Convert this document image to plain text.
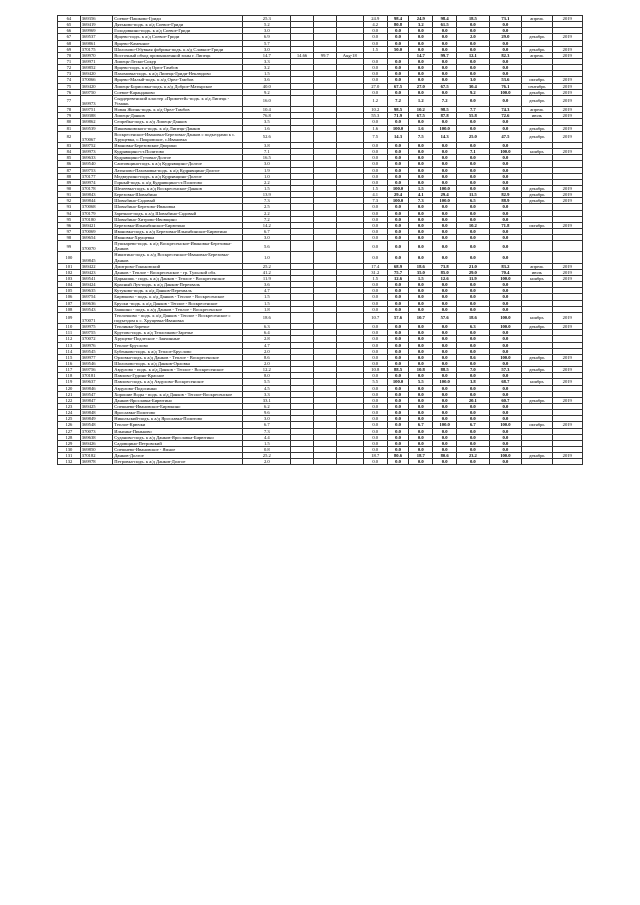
64	369356	Соевое-Пашково-Гриди	25.3				24.9	98.4	24.9	98.4	18.5	73.1	апрель	2019
65	369419	Дятьково-подъ. к а/д Соевое-Гриди	5.2				4.2	80.8	3.2	61.5	0.0	0.0		
66	369969	Голодовкино-подъ. к а/д Соевое-Гриди	3.0				0.0	0.0	0.0	0.0	0.0	0.0		
67	369537	Ярцево-подъ. к а/д Соевое-Гриди	6.9				0.0	0.0	0.0	0.0	2.0	29.0	декабрь	2019
68	369861	Ярцево-Каменное	5.7				0.0	0.0	0.0	0.0	0.0	0.0		
69	370175	Шолохово-Обувная фабрика-подъ. к а/д Славное-Гриди	3.0				1.5	50.0	0.0	0.0	0.0	0.0	декабрь	2019
70	369970	Восточный обход промышленной зоны г. Липецк	14.7	14.66	99.7	Aug-18			14.7	99.7	12.1	82.3	апрель	2019
71	369971	Липецк-Лески-Сокур	3.3				0.0	0.0	0.0	0.0	0.0	0.0		
72	369852	Ярцево-подъ. к а/д Орел-Тамбов	3.2				0.0	0.0	0.0	0.0	0.0	0.0		
73	369420	Пахомовка-подъ. к а/д Липецк-Гриди-Неклюдово	1.5				0.0	0.0	0.0	0.0	0.0	0.0		
74	370066	Ярцево-Малый-подъ. к а/д Орел-Тамбов	3.6				0.0	0.0	0.0	0.0	3.0	53.6	октябрь	2019
75	369420	Липецк-Борисовка-подъ. к а/д Доброе-Матырское	40.0				27.0	67.5	27.0	67.5	30.4	76.1	сентябрь	2019
76	369750	Соевое-Карандаково	9.2				0.0	0.0	0.0	0.0	9.2	100.0	декабрь	2019
77	369973	Сырдеревенский кластер «Прометей»-подъ. к а/д Липецк - Усмань	16.0				1.2	7.2	1.2	7.2	0.0	0.0	декабрь	2019
78	369751	Новая Жизнь-подъ. к а/д Орел-Тамбов	10.4				10.2	98.5	10.2	98.5	7.7	74.3	апрель	2019
79	369388	Липецк-Данков	76.8				55.3	71.9	67.5	87.8	55.8	72.6	июль	2019
80	369862	Сепрейка-подъ. к а/д Липецк-Данков	3.5				0.0	0.0	0.0	0.0	0.0	0.0		
81	369539	Пиковиновского-подъ. к а/д Липецк-Данков	1.6				1.6	100.0	1.6	100.0	0.0	0.0	декабрь	2019
82	370067	Воскресенское-Ивановка-Березовка-Данков с подъездами к с. Хрущевка, с.Покровское, с.Ивановка	52.6				7.5	14.3	7.5	14.3	25.0	47.5	декабрь	2019
83	369752	Ивановка-Березовские Дворики	3.8				0.0	0.0	0.0	0.0	0.0	0.0		
84	369973	Кудрявщино-ст.Политово	7.1				0.0	0.0	0.0	0.0	7.1	100.0	ноябрь	2019
85	369633	Кудрявщино-Гутовка-Долгое	16.5				0.0	0.0	0.0	0.0	0.0	0.0		
86	369540	Саитовщина-подъ. к а/д Кудрявщино-Долгое	3.0				0.0	0.0	0.0	0.0	0.0	0.0		
87	369753	Латыпово-Пахомовка-подъ. к а/д Кудрявщино-Долгое	1.9				0.0	0.0	0.0	0.0	0.0	0.0		
88	370177	Медведчино-подъ. к а/д Кудрявщино-Долгое	1.0				0.0	0.0	0.0	0.0	0.0	0.0		
89	369974	Горный-подъ. к а/д Кудрявщино-ст.Политово	2.2				0.0	0.0	0.0	0.0	0.0	0.0		
90	370178	Шелеевка-подъ. к а/д Воскресенское-Данков	1.5				1.5	100.0	1.5	100.0	0.0	0.0	декабрь	2019
91	369843	Березовка-Шовыбино	13.9				4.1	29.4	4.1	29.4	11.5	82.9	декабрь	2019
92	369844	Шовыбино-Садовый	7.3				7.3	100.0	7.3	100.0	6.5	88.9	декабрь	2019
93	370068	Шовыбино-Березово-Ивановка	2.5				0.0	0.0	0.0	0.0	0.0	0.0		
94	370179	Заречное-подъ. к а/д Шовыбино-Садовый	2.2				0.0	0.0	0.0	0.0	0.0	0.0		
95	370180	Шовыбино-Хитрово-Ивовщино	7.2				0.0	0.0	0.0	0.0	0.0	0.0		
96	369421	Березовка-Ильинбинское-Бирютино	14.2				0.0	0.0	0.0	0.0	10.2	71.8	октябрь	2019
97	370069	Ивановка-подъ. к а/д Березовка-Ильинбинское-Бирютино	6.7				0.0	0.0	0.0	0.0	0.0	0.0		
98	369654	Ивановка-Хрущевка	3.0				0.0	0.0	0.0	0.0	0.0	0.0		
99	370070	Пушкарево-подъ. к а/д Воскресенское-Ивановка-Березовка-Данков	5.6				0.0	0.0	0.0	0.0	0.0	0.0		
100	369845	Никитино-подъ. к а/д Воскресенское-Ивановка-Березовка-Данков	1.0				0.0	0.0	0.0	0.0	0.0	0.0		
101	369422	Дмитрово-Гоньковский	25.2				17.4	68.9	18.6	73.8	21.0	83.2	апрель	2019
102	369423	Данков - Теплое - Воскресенское - гр. Тульской обл.	41.2				31.2	75.7	35.0	85.0	29.0	70.4	июль	2019
103	369541	Царькишь - подъ. к а/д Данков - Теплое - Воскресенское	11.9				1.5	12.6	1.5	12.6	11.9	100.0	ноябрь	2019
104	369424	Красный Луч-подъ. к а/д Данков-Перехваль	3.6				0.0	0.0	0.0	0.0	0.0	0.0		
105	369635	Кутуково-подъ. к а/д Данков-Перехваль	4.7				0.0	0.0	0.0	0.0	0.0	0.0		
106	369754	Бирюково - подъ. к а/д Данков - Теплое - Воскресенское	1.5				0.0	0.0	0.0	0.0	0.0	0.0		
107	369636	Бруски -подъ. к а/д Данков - Теплое - Воскресенское	1.5				0.0	0.0	0.0	0.0	0.0	0.0		
108	369543	Зашкино - подъ. к а/д Данков - Теплое - Воскресенское	1.8				0.0	0.0	0.0	0.0	0.0	0.0		
109	370071	Теплочково - подъ. к а/д Данков - Теплое - Воскресенское с подъездом к с. Хрущевка-Ивановка	18.6				10.7	57.6	10.7	57.6	18.6	100.0	ноябрь	2019
110	369975	Теплинка-Заречье	6.3				0.0	0.0	0.0	0.0	6.3	100.0	декабрь	2019
111	369755	Крутово-подъ. к а/д Теплочково-Заречье	6.4				0.0	0.0	0.0	0.0	0.0	0.0		
112	370072	Хрущево-Подлесное - Заячинные	2.8				0.0	0.0	0.0	0.0	0.0	0.0		
113	369976	Теплое-Бруслово	4.7				0.0	0.0	0.0	0.0	0.0	0.0		
114	369545	Бубенково-подъ. к а/д Теплое-Бруслово	2.0				0.0	0.0	0.0	0.0	0.0	0.0		
115	369977	Орловка-подъ. к а/д Данков - Теплое - Воскресенское	8.6				0.0	0.0	0.0	0.0	8.6	100.0	декабрь	2019
116	369546	Шолохово-подъ. к а/д Данков-Орловка	2.0				0.0	0.0	0.0	0.0	0.0	0.0		
117	369756	Авдулово - подъ. к а/д Данков - Теплое - Воскресенское	12.2				10.8	88.5	10.8	88.5	7.0	57.3	декабрь	2019
118	370181	Павлово-Гудино-Красное	8.0				0.0	0.0	0.0	0.0	0.0	0.0		
119	369637	Павлово-подъ. к а/д Авдулово-Воскресенское	5.5				5.5	100.0	5.5	100.0	3.8	68.7	ноябрь	2019
120	369846	Авдулово-Подосинки	4.5				0.0	0.0	0.0	0.0	0.0	0.0		
121	369547	Хорошие Воды - подъ. к а/д Данков - Теплое-Воскресенское	3.3				0.0	0.0	0.0	0.0	0.0	0.0		
122	369847	Данков-Ярославка-Бирютино	33.1				0.0	0.0	0.0	0.0	20.1	60.7	декабрь	2019
123	369425	Спешнево-Ивановское-Бирюкино	6.2				0.0	0.0	0.0	0.0	0.0	0.0		
124	369848	Ярославка-Политово	9.6				0.0	0.0	0.0	0.0	0.0	0.0		
125	369849	Никольский-подъ. к а/д Ярославка-Политово	3.0				0.0	0.0	0.0	0.0	0.0	0.0		
126	369548	Теплое-Крючки	6.7				0.0	0.0	6.7	100.0	6.7	100.0	октябрь	2019
127	370073	Ильинка-Пиньково	7.3				0.0	0.0	0.0	0.0	0.0	0.0		
128	369638	Суданово-подъ. к а/д Данков-Ярославка-Бирютино	4.4				0.0	0.0	0.0	0.0	0.0	0.0		
129	369426	Садовщино-Петровский	1.5				0.0	0.0	0.0	0.0	0.0	0.0		
130	369850	Спешнево-Ивановское - Ямное	0.8				0.0	0.0	0.0	0.0	0.0	0.0		
131	370182	Данков-Долгое	25.2				18.7	80.6	18.7	80.6	23.2	100.0	декабрь	2019
132	369978	Петровка-подъ. к а/д Данков-Долгое	2.0				0.0	0.0	0.0	0.0	0.0	0.0		
